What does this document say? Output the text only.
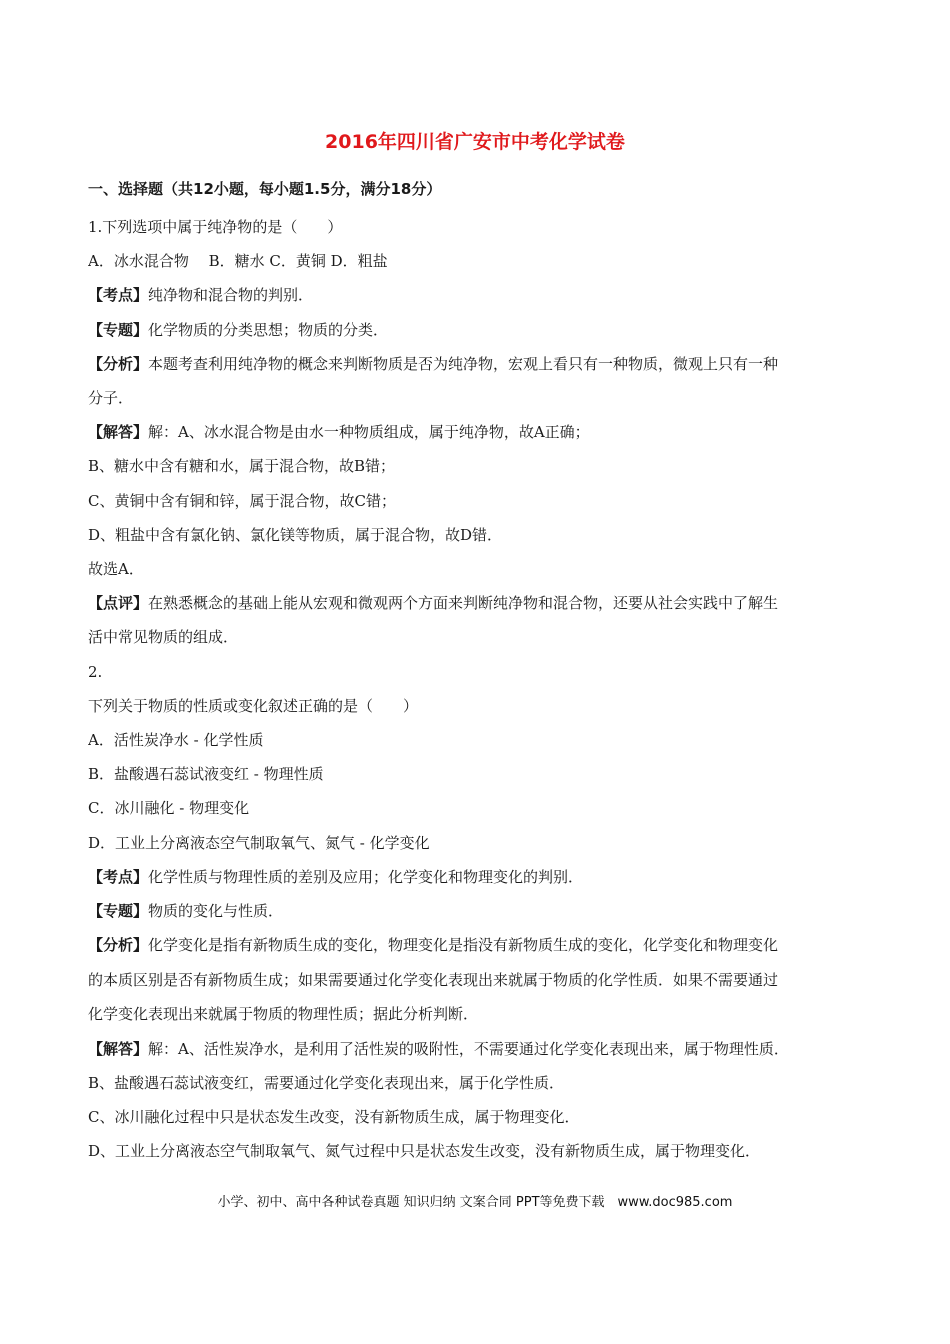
2016年四川省广安市中考化学试卷
一、选择题（共12小题，每小题1.5分，满分18分）
1.下列选项中属于纯净物的是（　　）
A．冰水混合物　 B．糖水 C．黄铜 D．粗盐
【考点】纯净物和混合物的判别．
【专题】化学物质的分类思想；物质的分类．
【分析】本题考查利用纯净物的概念来判断物质是否为纯净物，宏观上看只有一种物质，微观上只有一种
分子．
【解答】解：A、冰水混合物是由水一种物质组成，属于纯净物，故A正确；
B、糖水中含有糖和水，属于混合物，故B错；
C、黄铜中含有铜和锌，属于混合物，故C错；
D、粗盐中含有氯化钠、氯化镁等物质，属于混合物，故D错．
故选A．
【点评】在熟悉概念的基础上能从宏观和微观两个方面来判断纯净物和混合物，还要从社会实践中了解生
活中常见物质的组成．
2.
下列关于物质的性质或变化叙述正确的是（　　）
A．活性炭净水 - 化学性质
B．盐酸遇石蕊试液变红 - 物理性质
C．冰川融化 - 物理变化
D．工业上分离液态空气制取氧气、氮气 - 化学变化
【考点】化学性质与物理性质的差别及应用；化学变化和物理变化的判别．
【专题】物质的变化与性质．
【分析】化学变化是指有新物质生成的变化，物理变化是指没有新物质生成的变化，化学变化和物理变化
的本质区别是否有新物质生成；如果需要通过化学变化表现出来就属于物质的化学性质．如果不需要通过
化学变化表现出来就属于物质的物理性质；据此分析判断．
【解答】解：A、活性炭净水，是利用了活性炭的吸附性，不需要通过化学变化表现出来，属于物理性质．
B、盐酸遇石蕊试液变红，需要通过化学变化表现出来，属于化学性质．
C、冰川融化过程中只是状态发生改变，没有新物质生成，属于物理变化．
D、工业上分离液态空气制取氧气、氮气过程中只是状态发生改变，没有新物质生成，属于物理变化．
小学、初中、高中各种试卷真题 知识归纳 文案合同 PPT等免费下载　www.doc985.com
